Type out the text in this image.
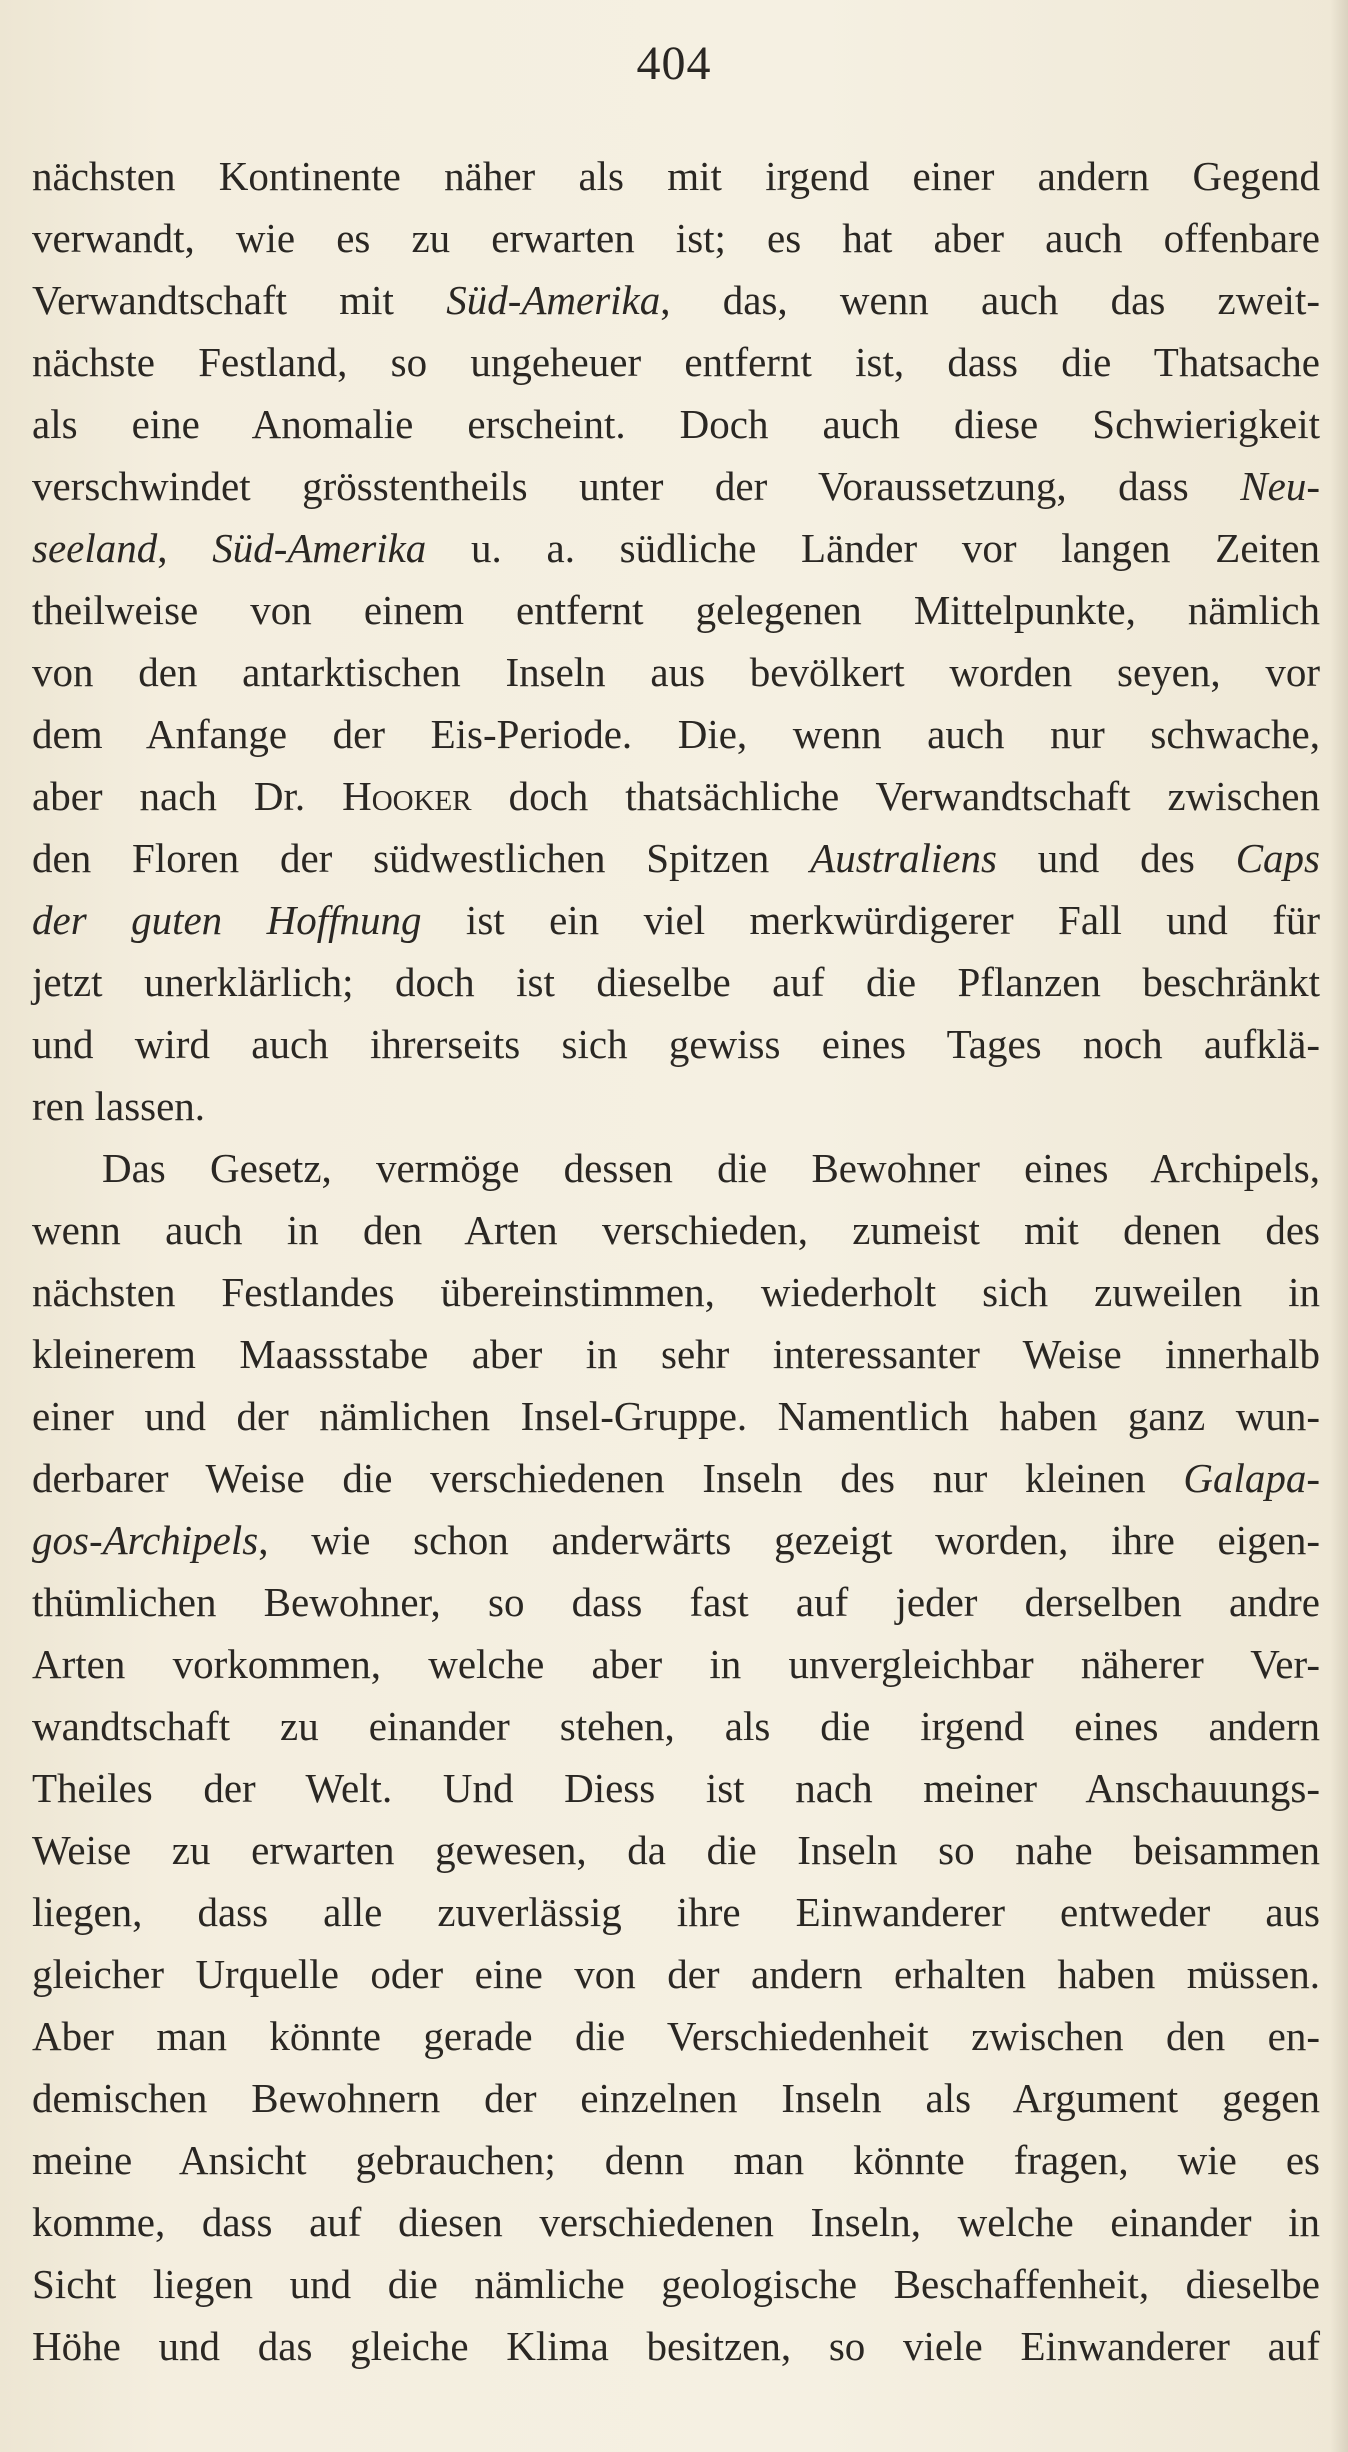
404
nächsten Kontinente näher als mit irgend einer andern Gegend
verwandt, wie es zu erwarten ist; es hat aber auch offenbare
Verwandtschaft mit Süd-Amerika, das, wenn auch das zweit-
nächste Festland, so ungeheuer entfernt ist, dass die Thatsache
als eine Anomalie erscheint. Doch auch diese Schwierigkeit
verschwindet grösstentheils unter der Voraussetzung, dass Neu-
seeland, Süd-Amerika u. a. südliche Länder vor langen Zeiten
theilweise von einem entfernt gelegenen Mittelpunkte, nämlich
von den antarktischen Inseln aus bevölkert worden seyen, vor
dem Anfange der Eis-Periode. Die, wenn auch nur schwache,
aber nach Dr. Hooker doch thatsächliche Verwandtschaft zwischen
den Floren der südwestlichen Spitzen Australiens und des Caps
der guten Hoffnung ist ein viel merkwürdigerer Fall und für
jetzt unerklärlich; doch ist dieselbe auf die Pflanzen beschränkt
und wird auch ihrerseits sich gewiss eines Tages noch aufklä-
ren lassen.
Das Gesetz, vermöge dessen die Bewohner eines Archipels,
wenn auch in den Arten verschieden, zumeist mit denen des
nächsten Festlandes übereinstimmen, wiederholt sich zuweilen in
kleinerem Maassstabe aber in sehr interessanter Weise innerhalb
einer und der nämlichen Insel-Gruppe. Namentlich haben ganz wun-
derbarer Weise die verschiedenen Inseln des nur kleinen Galapa-
gos-Archipels, wie schon anderwärts gezeigt worden, ihre eigen-
thümlichen Bewohner, so dass fast auf jeder derselben andre
Arten vorkommen, welche aber in unvergleichbar näherer Ver-
wandtschaft zu einander stehen, als die irgend eines andern
Theiles der Welt. Und Diess ist nach meiner Anschauungs-
Weise zu erwarten gewesen, da die Inseln so nahe beisammen
liegen, dass alle zuverlässig ihre Einwanderer entweder aus
gleicher Urquelle oder eine von der andern erhalten haben müssen.
Aber man könnte gerade die Verschiedenheit zwischen den en-
demischen Bewohnern der einzelnen Inseln als Argument gegen
meine Ansicht gebrauchen; denn man könnte fragen, wie es
komme, dass auf diesen verschiedenen Inseln, welche einander in
Sicht liegen und die nämliche geologische Beschaffenheit, dieselbe
Höhe und das gleiche Klima besitzen, so viele Einwanderer auf
